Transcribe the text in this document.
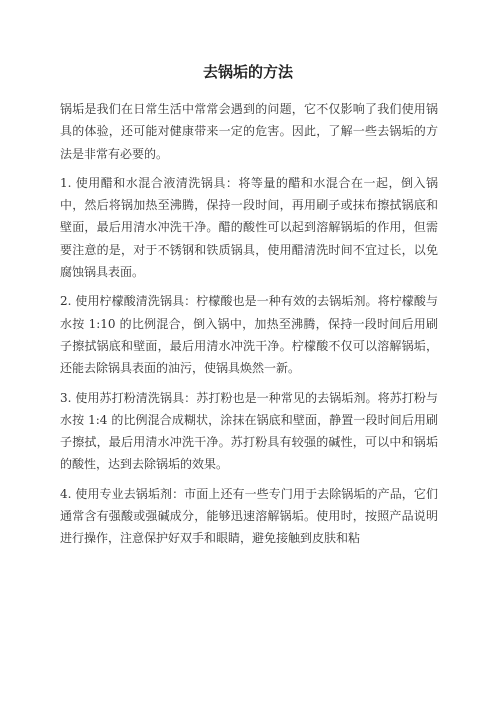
去锅垢的方法

锅垢是我们在日常生活中常常会遇到的问题，它不仅影响了我们使用锅具的体验，还可能对健康带来一定的危害。因此，了解一些去锅垢的方法是非常有必要的。

1. 使用醋和水混合液清洗锅具：将等量的醋和水混合在一起，倒入锅中，然后将锅加热至沸腾，保持一段时间，再用刷子或抹布擦拭锅底和壁面，最后用清水冲洗干净。醋的酸性可以起到溶解锅垢的作用，但需要注意的是，对于不锈钢和铁质锅具，使用醋清洗时间不宜过长，以免腐蚀锅具表面。

2. 使用柠檬酸清洗锅具：柠檬酸也是一种有效的去锅垢剂。将柠檬酸与水按 1:10 的比例混合，倒入锅中，加热至沸腾，保持一段时间后用刷子擦拭锅底和壁面，最后用清水冲洗干净。柠檬酸不仅可以溶解锅垢，还能去除锅具表面的油污，使锅具焕然一新。

3. 使用苏打粉清洗锅具：苏打粉也是一种常见的去锅垢剂。将苏打粉与水按 1:4 的比例混合成糊状，涂抹在锅底和壁面，静置一段时间后用刷子擦拭，最后用清水冲洗干净。苏打粉具有较强的碱性，可以中和锅垢的酸性，达到去除锅垢的效果。

4. 使用专业去锅垢剂：市面上还有一些专门用于去除锅垢的产品，它们通常含有强酸或强碱成分，能够迅速溶解锅垢。使用时，按照产品说明进行操作，注意保护好双手和眼睛，避免接触到皮肤和粘
